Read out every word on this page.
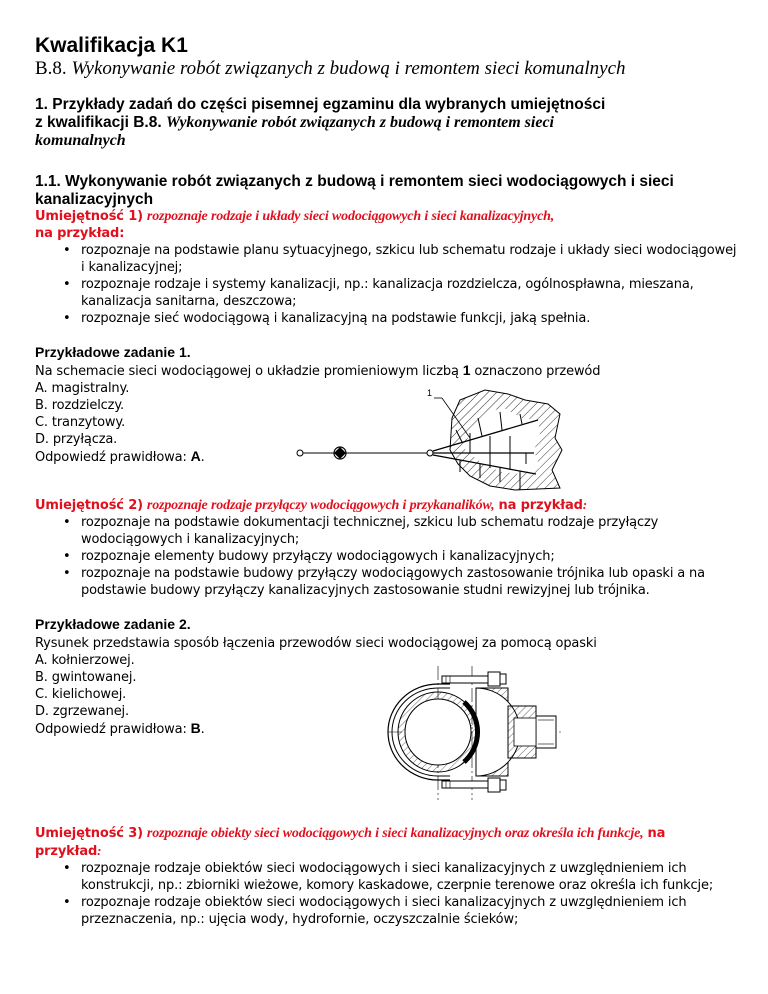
Kwalifikacja K1
B.8. Wykonywanie robót związanych z budową i remontem sieci komunalnych
1. Przykłady zadań do części pisemnej egzaminu dla wybranych umiejętności
z kwalifikacji B.8. Wykonywanie robót związanych z budową i remontem sieci
komunalnych
1.1. Wykonywanie robót związanych z budową i remontem sieci wodociągowych i sieci
kanalizacyjnych
Umiejętność 1) rozpoznaje rodzaje i układy sieci wodociągowych i sieci kanalizacyjnych,
na przykład:
• rozpoznaje na podstawie planu sytuacyjnego, szkicu lub schematu rodzaje i układy sieci wodociągowej
i kanalizacyjnej;
• rozpoznaje rodzaje i systemy kanalizacji, np.: kanalizacja rozdzielcza, ogólnospławna, mieszana,
kanalizacja sanitarna, deszczowa;
• rozpoznaje sieć wodociągową i kanalizacyjną na podstawie funkcji, jaką spełnia.
Przykładowe zadanie 1.
Na schemacie sieci wodociągowej o układzie promieniowym liczbą 1 oznaczono przewód
A. magistralny.
B. rozdzielczy.
C. tranzytowy.
D. przyłącza.
Odpowiedź prawidłowa: A.
1
Umiejętność 2) rozpoznaje rodzaje przyłączy wodociągowych i przykanalików, na przykład:
• rozpoznaje na podstawie dokumentacji technicznej, szkicu lub schematu rodzaje przyłączy
wodociągowych i kanalizacyjnych;
• rozpoznaje elementy budowy przyłączy wodociągowych i kanalizacyjnych;
• rozpoznaje na podstawie budowy przyłączy wodociągowych zastosowanie trójnika lub opaski a na
podstawie budowy przyłączy kanalizacyjnych zastosowanie studni rewizyjnej lub trójnika.
Przykładowe zadanie 2.
Rysunek przedstawia sposób łączenia przewodów sieci wodociągowej za pomocą opaski
A. kołnierzowej.
B. gwintowanej.
C. kielichowej.
D. zgrzewanej.
Odpowiedź prawidłowa: B.
Umiejętność 3) rozpoznaje obiekty sieci wodociągowych i sieci kanalizacyjnych oraz określa ich funkcje, na
przykład:
• rozpoznaje rodzaje obiektów sieci wodociągowych i sieci kanalizacyjnych z uwzględnieniem ich
konstrukcji, np.: zbiorniki wieżowe, komory kaskadowe, czerpnie terenowe oraz określa ich funkcje;
• rozpoznaje rodzaje obiektów sieci wodociągowych i sieci kanalizacyjnych z uwzględnieniem ich
przeznaczenia, np.: ujęcia wody, hydrofornie, oczyszczalnie ścieków;
